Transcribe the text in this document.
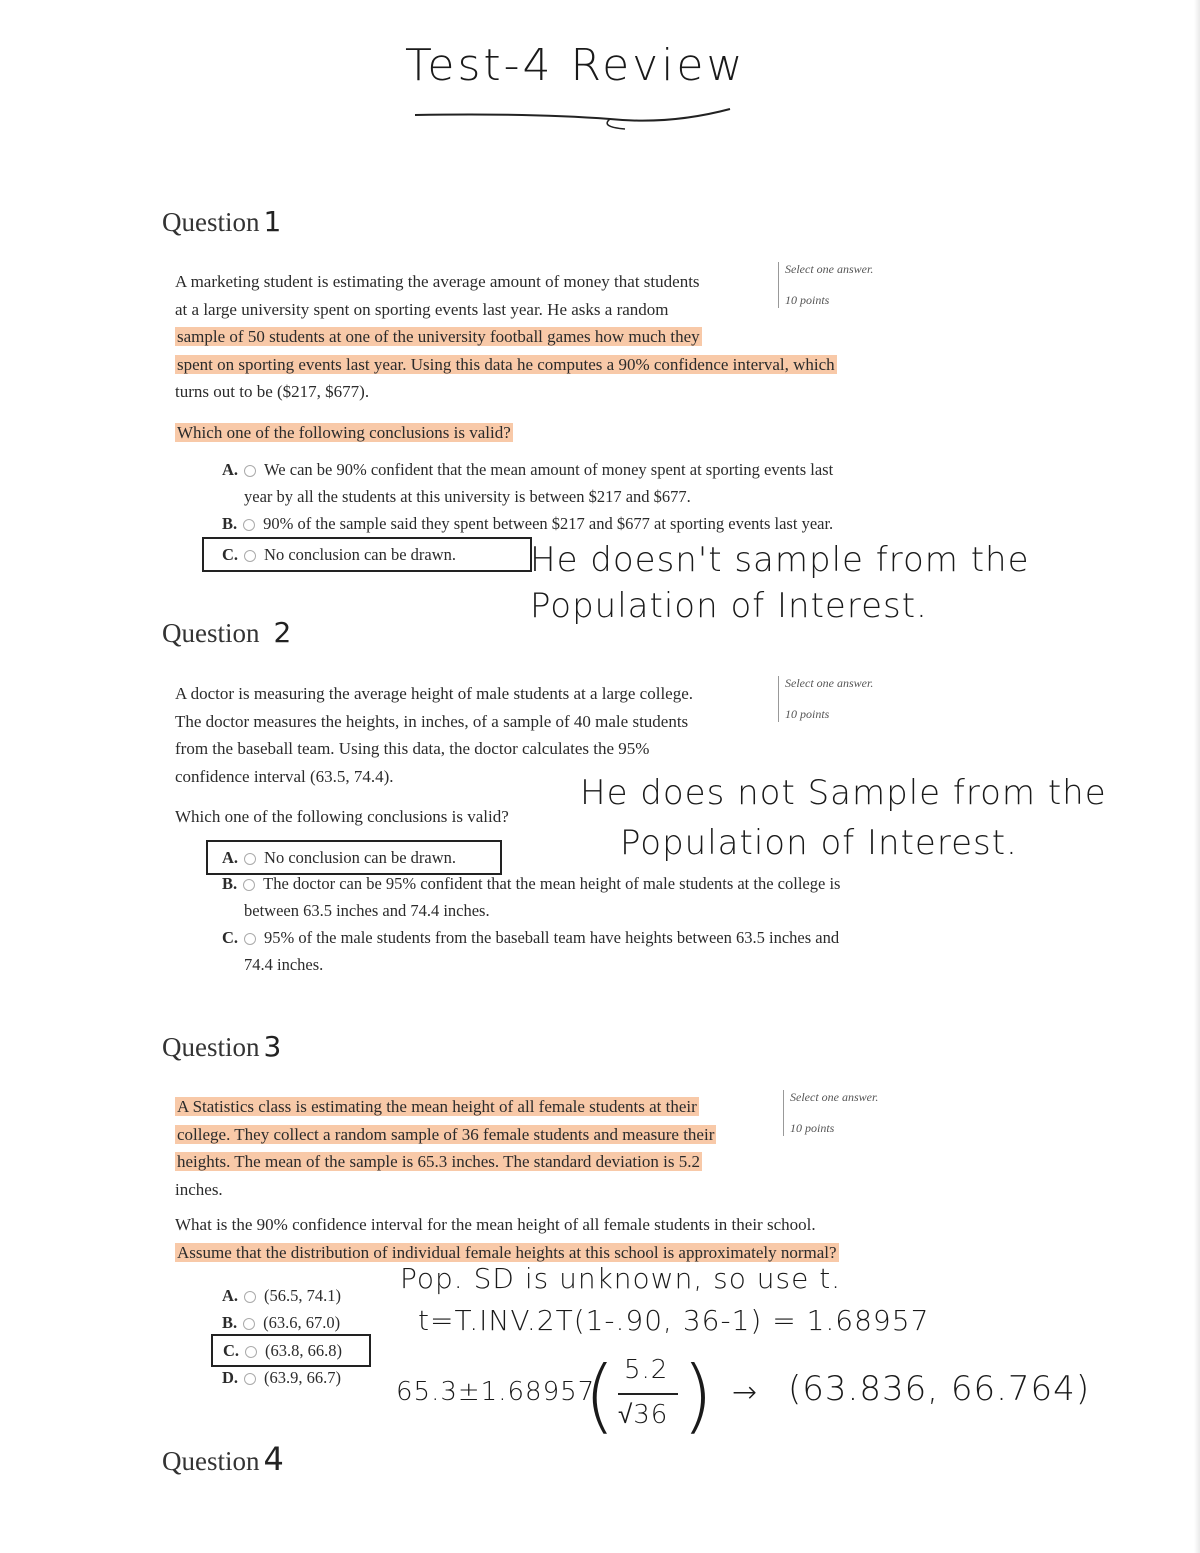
Test-4 Review
Question 1
A marketing student is estimating the average amount of money that students
at a large university spent on sporting events last year. He asks a random
sample of 50 students at one of the university football games how much they
spent on sporting events last year. Using this data he computes a 90% confidence interval, which
turns out to be ($217, $677).
Select one answer.
10 points
Which one of the following conclusions is valid?
A. We can be 90% confident that the mean amount of money spent at sporting events last
year by all the students at this university is between $217 and $677.
B. 90% of the sample said they spent between $217 and $677 at sporting events last year.
C. No conclusion can be drawn.	He doesn't sample from the
Population of Interest.
Question 2
A doctor is measuring the average height of male students at a large college.
The doctor measures the heights, in inches, of a sample of 40 male students
from the baseball team. Using this data, the doctor calculates the 95%
confidence interval (63.5, 74.4).
Select one answer.
10 points
Which one of the following conclusions is valid?
He does not Sample from the
Population of Interest.
A. No conclusion can be drawn.
B. The doctor can be 95% confident that the mean height of male students at the college is
between 63.5 inches and 74.4 inches.
C. 95% of the male students from the baseball team have heights between 63.5 inches and
74.4 inches.
Question 3
A Statistics class is estimating the mean height of all female students at their
college. They collect a random sample of 36 female students and measure their
heights. The mean of the sample is 65.3 inches. The standard deviation is 5.2
inches.
Select one answer.
10 points
What is the 90% confidence interval for the mean height of all female students in their school.
Assume that the distribution of individual female heights at this school is approximately normal?
A. (56.5, 74.1)
B. (63.6, 67.0)
C. (63.8, 66.8)
D. (63.9, 66.7)
Pop. SD is unknown, so use t.
t=T.INV.2T(1-.90, 36-1) = 1.68957
65.3±1.68957
( 5.2
√36 ) → (63.836, 66.764)
Question 4
